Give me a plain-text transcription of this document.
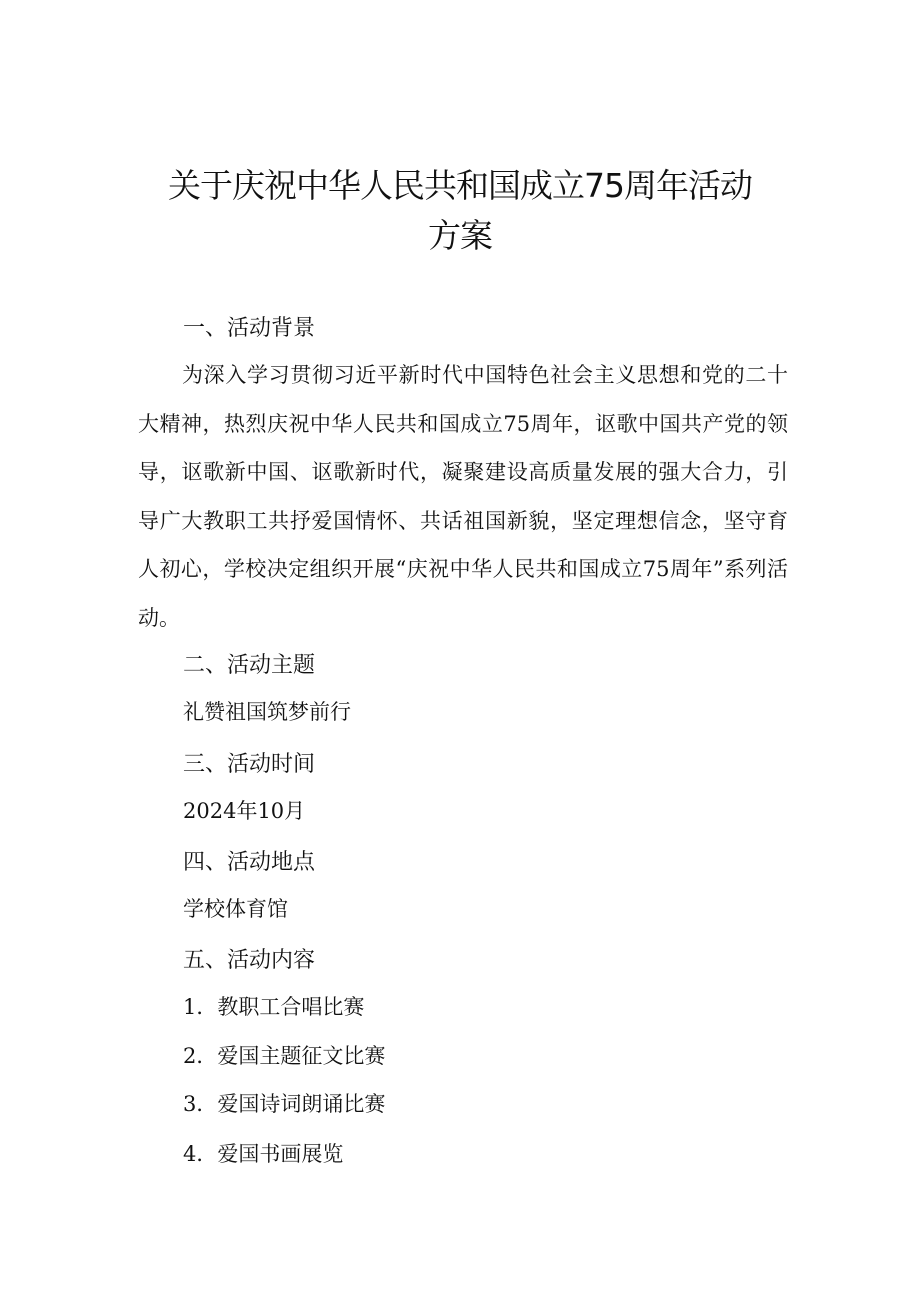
关于庆祝中华人民共和国成立75周年活动
方案
一、活动背景

为深入学习贯彻习近平新时代中国特色社会主义思想和党的二十大精神，热烈庆祝中华人民共和国成立75周年，讴歌中国共产党的领导，讴歌新中国、讴歌新时代，凝聚建设高质量发展的强大合力，引导广大教职工共抒爱国情怀、共话祖国新貌，坚定理想信念，坚守育人初心，学校决定组织开展“庆祝中华人民共和国成立75周年”系列活动。

二、活动主题

礼赞祖国筑梦前行

三、活动时间

2024年10月

四、活动地点

学校体育馆

五、活动内容

1．教职工合唱比赛

2．爱国主题征文比赛

3．爱国诗词朗诵比赛

4．爱国书画展览
